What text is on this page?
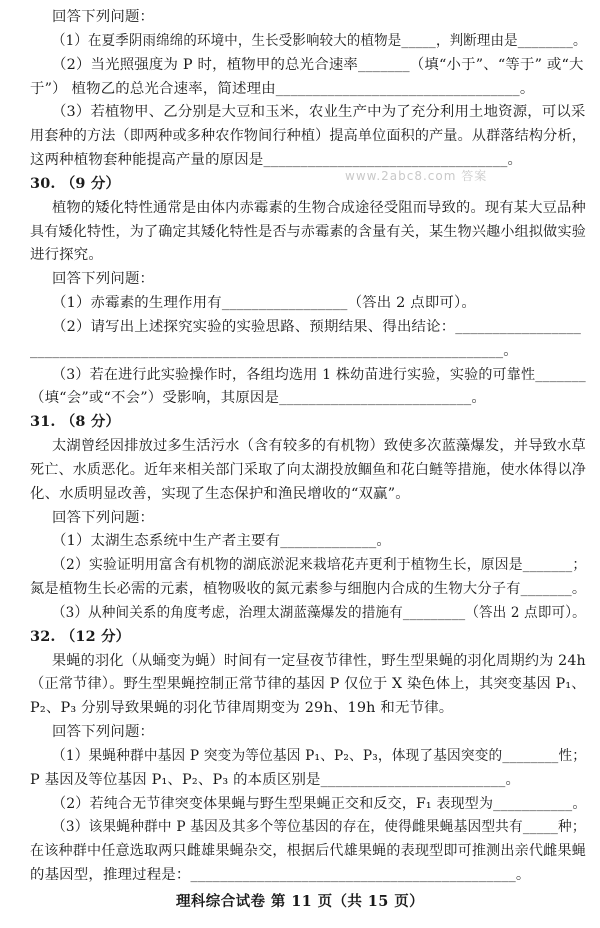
www.2abc8.com 答案
回答下列问题：
（1）在夏季阴雨绵绵的环境中，生长受影响较大的植物是_____，判断理由是________。
（2）当光照强度为 P 时，植物甲的总光合速率_______（填“小于”、“等于” 或“大
于”） 植物乙的总光合速率，简述理由_________________________________。
（3）若植物甲、乙分别是大豆和玉米，农业生产中为了充分利用土地资源，可以采
用套种的方法（即两种或多种农作物间行种植）提高单位面积的产量。从群落结构分析，
这两种植物套种能提高产量的原因是_________________________________。
30. （9 分）
植物的矮化特性通常是由体内赤霉素的生物合成途径受阻而导致的。现有某大豆品种
具有矮化特性，为了确定其矮化特性是否与赤霉素的含量有关，某生物兴趣小组拟做实验
进行探究。
回答下列问题：
（1）赤霉素的生理作用有_________________（答出 2 点即可）。
（2）请写出上述探究实验的实验思路、预期结果、得出结论：_________________
________________________________________________________________。
（3）若在进行此实验操作时，各组均选用 1 株幼苗进行实验，实验的可靠性_______
（填“会”或“不会”）受影响，其原因是__________________________。
31. （8 分）
太湖曾经因排放过多生活污水（含有较多的有机物）致使多次蓝藻爆发，并导致水草
死亡、水质恶化。近年来相关部门采取了向太湖投放鲴鱼和花白鲢等措施，使水体得以净
化、水质明显改善，实现了生态保护和渔民增收的“双赢”。
回答下列问题：
（1）太湖生态系统中生产者主要有_____________。
（2）实验证明用富含有机物的湖底淤泥来栽培花卉更利于植物生长，原因是_______；
氮是植物生长必需的元素，植物吸收的氮元素参与细胞内合成的生物大分子有_______。
（3）从种间关系的角度考虑，治理太湖蓝藻爆发的措施有_________（答出 2 点即可）。
32. （12 分）
果蝇的羽化（从蛹变为蝇）时间有一定昼夜节律性，野生型果蝇的羽化周期约为 24h
（正常节律）。野生型果蝇控制正常节律的基因 P 仅位于 X 染色体上，其突变基因 P₁、
P₂、P₃ 分别导致果蝇的羽化节律周期变为 29h、19h 和无节律。
回答下列问题：
（1）果蝇种群中基因 P 突变为等位基因 P₁、P₂、P₃，体现了基因突变的________性；
P 基因及等位基因 P₁、P₂、P₃ 的本质区别是_________________________。
（2）若纯合无节律突变体果蝇与野生型果蝇正交和反交，F₁ 表现型为___________。
（3）该果蝇种群中 P 基因及其多个等位基因的存在，使得雌果蝇基因型共有_____种；
在该种群中任意选取两只雌雄果蝇杂交，根据后代雄果蝇的表现型即可推测出亲代雌果蝇
的基因型，推理过程是：____________________________________________。
理科综合试卷 第 11 页（共 15 页）
